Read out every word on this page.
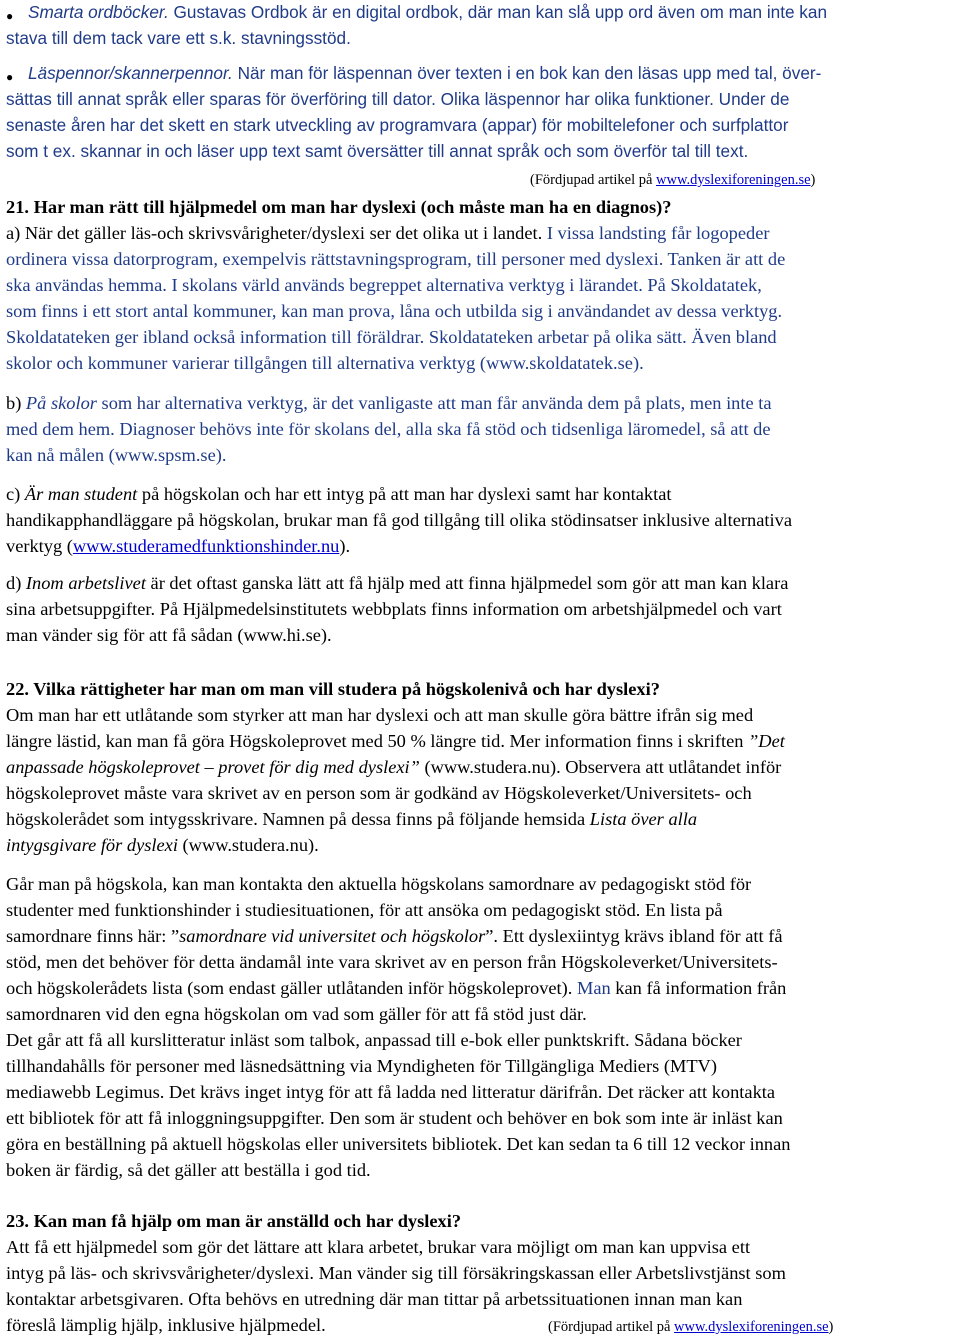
● Smarta ordböcker. Gustavas Ordbok är en digital ordbok, där man kan slå upp ord även om man inte kan
stava till dem tack vare ett s.k. stavningsstöd.
● Läspennor/skannerpennor. När man för läspennan över texten i en bok kan den läsas upp med tal, över-
sättas till annat språk eller sparas för överföring till dator. Olika läspennor har olika funktioner. Under de
senaste åren har det skett en stark utveckling av programvara (appar) för mobiltelefoner och surfplattor
som t ex. skannar in och läser upp text samt översätter till annat språk och som överför tal till text.
(Fördjupad artikel på www.dyslexiforeningen.se)
21. Har man rätt till hjälpmedel om man har dyslexi (och måste man ha en diagnos)?
a) När det gäller läs-och skrivsvårigheter/dyslexi ser det olika ut i landet. I vissa landsting får logopeder
ordinera vissa datorprogram, exempelvis rättstavningsprogram, till personer med dyslexi. Tanken är att de
ska användas hemma. I skolans värld används begreppet alternativa verktyg i lärandet. På Skoldatatek,
som finns i ett stort antal kommuner, kan man prova, låna och utbilda sig i användandet av dessa verktyg.
Skoldatateken ger ibland också information till föräldrar. Skoldatateken arbetar på olika sätt. Även bland
skolor och kommuner varierar tillgången till alternativa verktyg (www.skoldatatek.se).
b) På skolor som har alternativa verktyg, är det vanligaste att man får använda dem på plats, men inte ta
med dem hem. Diagnoser behövs inte för skolans del, alla ska få stöd och tidsenliga läromedel, så att de
kan nå målen (www.spsm.se).
c) Är man student på högskolan och har ett intyg på att man har dyslexi samt har kontaktat
handikapphandläggare på högskolan, brukar man få god tillgång till olika stödinsatser inklusive alternativa
verktyg (www.studeramedfunktionshinder.nu).
d) Inom arbetslivet är det oftast ganska lätt att få hjälp med att finna hjälpmedel som gör att man kan klara
sina arbetsuppgifter. På Hjälpmedelsinstitutets webbplats finns information om arbetshjälpmedel och vart
man vänder sig för att få sådan (www.hi.se).
22. Vilka rättigheter har man om man vill studera på högskolenivå och har dyslexi?
Om man har ett utlåtande som styrker att man har dyslexi och att man skulle göra bättre ifrån sig med
längre lästid, kan man få göra Högskoleprovet med 50 % längre tid. Mer information finns i skriften ”Det
anpassade högskoleprovet – provet för dig med dyslexi” (www.studera.nu). Observera att utlåtandet inför
högskoleprovet måste vara skrivet av en person som är godkänd av Högskoleverket/Universitets- och
högskolerådet som intygsskrivare. Namnen på dessa finns på följande hemsida Lista över alla
intygsgivare för dyslexi (www.studera.nu).
Går man på högskola, kan man kontakta den aktuella högskolans samordnare av pedagogiskt stöd för
studenter med funktionshinder i studiesituationen, för att ansöka om pedagogiskt stöd. En lista på
samordnare finns här: ”samordnare vid universitet och högskolor”. Ett dyslexiintyg krävs ibland för att få
stöd, men det behöver för detta ändamål inte vara skrivet av en person från Högskoleverket/Universitets-
och högskolerådets lista (som endast gäller utlåtanden inför högskoleprovet). Man kan få information från
samordnaren vid den egna högskolan om vad som gäller för att få stöd just där.
Det går att få all kurslitteratur inläst som talbok, anpassad till e-bok eller punktskrift. Sådana böcker
tillhandahålls för personer med läsnedsättning via Myndigheten för Tillgängliga Mediers (MTV)
mediawebb Legimus. Det krävs inget intyg för att få ladda ned litteratur därifrån. Det räcker att kontakta
ett bibliotek för att få inloggningsuppgifter. Den som är student och behöver en bok som inte är inläst kan
göra en beställning på aktuell högskolas eller universitets bibliotek. Det kan sedan ta 6 till 12 veckor innan
boken är färdig, så det gäller att beställa i god tid.
23. Kan man få hjälp om man är anställd och har dyslexi?
Att få ett hjälpmedel som gör det lättare att klara arbetet, brukar vara möjligt om man kan uppvisa ett
intyg på läs- och skrivsvårigheter/dyslexi. Man vänder sig till försäkringskassan eller Arbetslivstjänst som
kontaktar arbetsgivaren. Ofta behövs en utredning där man tittar på arbetssituationen innan man kan
föreslå lämplig hjälp, inklusive hjälpmedel.	(Fördjupad artikel på www.dyslexiforeningen.se)
